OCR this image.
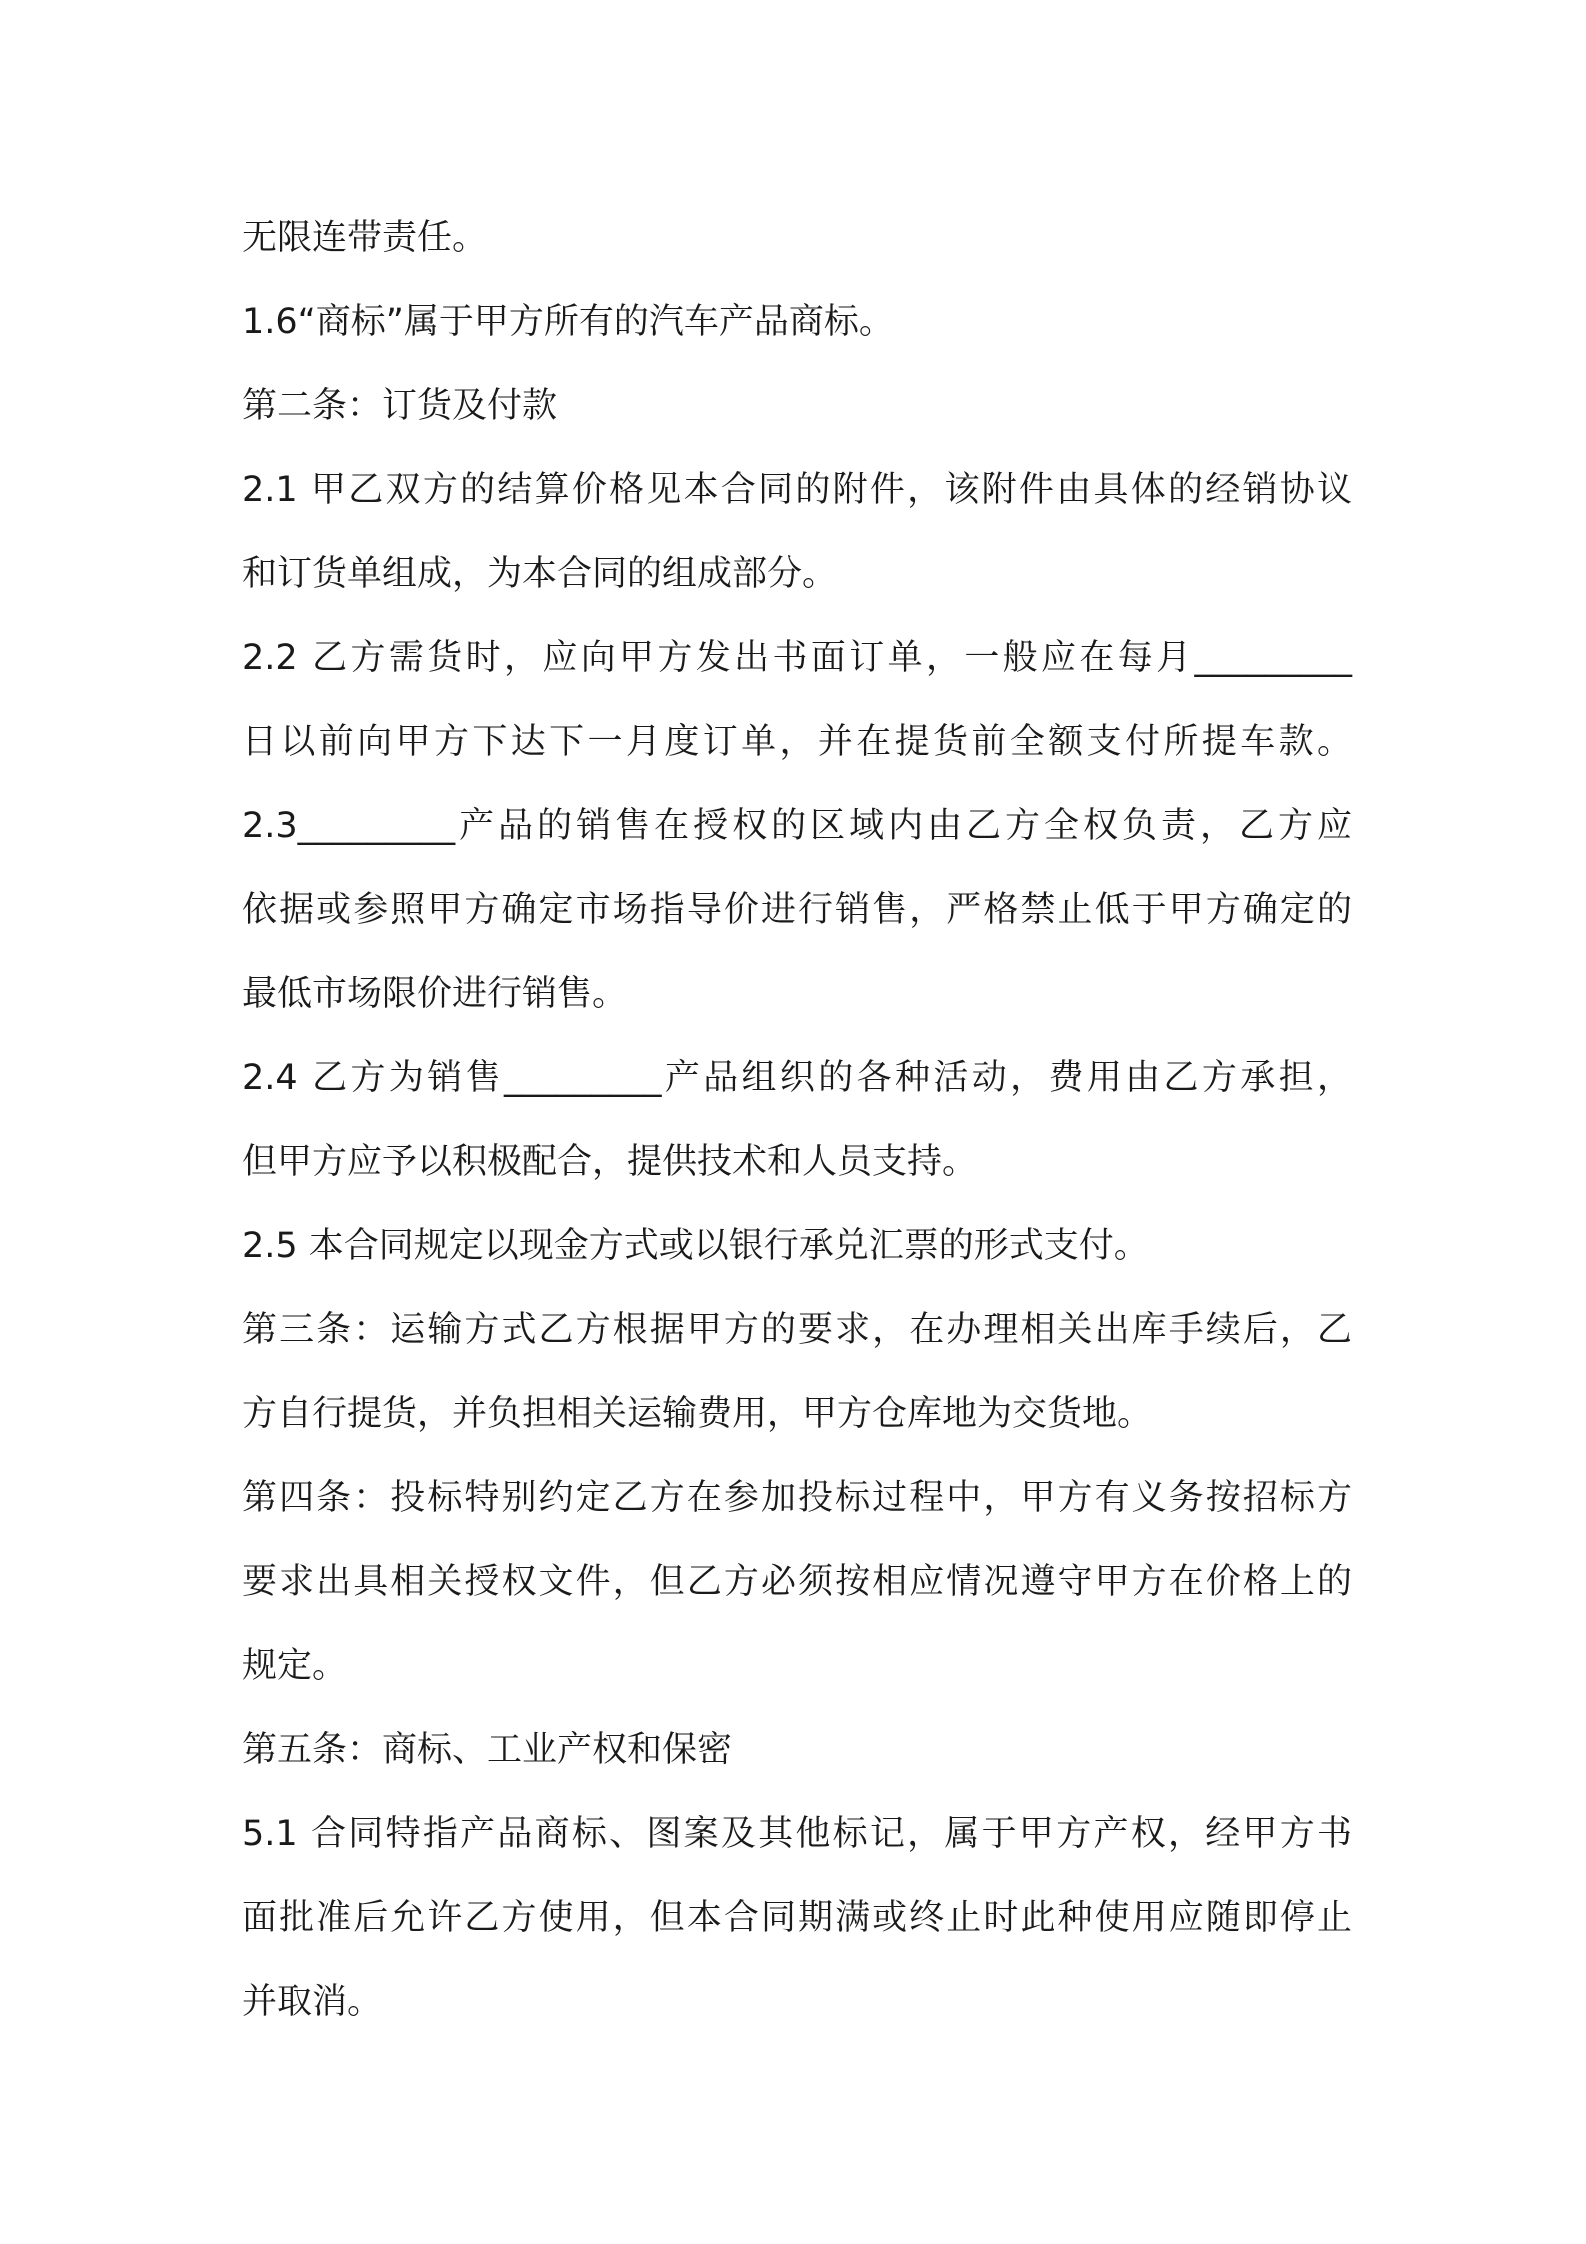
无限连带责任。
1.6“商标”属于甲方所有的汽车产品商标。
第二条：订货及付款
2.1 甲乙双方的结算价格见本合同的附件，该附件由具体的经销协议
和订货单组成，为本合同的组成部分。
2.2 乙方需货时，应向甲方发出书面订单，一般应在每月_________
日以前向甲方下达下一月度订单，并在提货前全额支付所提车款。
2.3_________产品的销售在授权的区域内由乙方全权负责，乙方应
依据或参照甲方确定市场指导价进行销售，严格禁止低于甲方确定的
最低市场限价进行销售。
2.4 乙方为销售_________产品组织的各种活动，费用由乙方承担，
但甲方应予以积极配合，提供技术和人员支持。
2.5 本合同规定以现金方式或以银行承兑汇票的形式支付。
第三条：运输方式乙方根据甲方的要求，在办理相关出库手续后，乙
方自行提货，并负担相关运输费用，甲方仓库地为交货地。
第四条：投标特别约定乙方在参加投标过程中，甲方有义务按招标方
要求出具相关授权文件，但乙方必须按相应情况遵守甲方在价格上的
规定。
第五条：商标、工业产权和保密
5.1 合同特指产品商标、图案及其他标记，属于甲方产权，经甲方书
面批准后允许乙方使用，但本合同期满或终止时此种使用应随即停止
并取消。
